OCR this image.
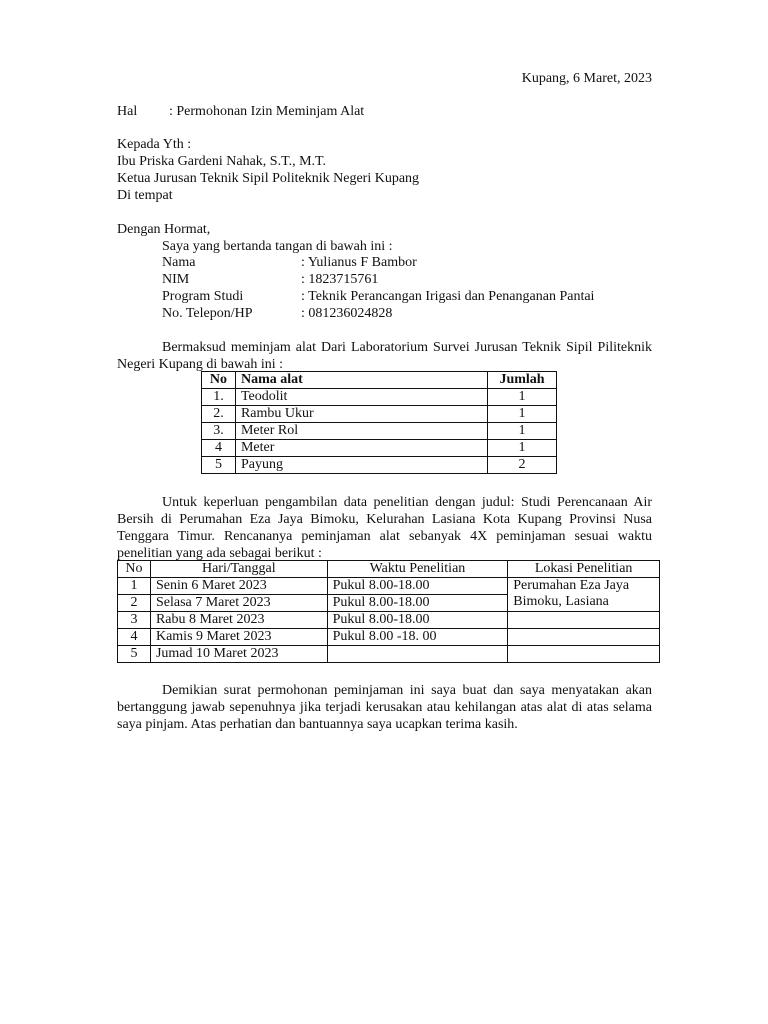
Kupang, 6 Maret, 2023
Hal : Permohonan Izin Meminjam Alat
Kepada Yth :
Ibu Priska Gardeni Nahak, S.T., M.T.
Ketua Jurusan Teknik Sipil Politeknik Negeri Kupang
Di tempat
Dengan Hormat,
Saya yang bertanda tangan di bawah ini :
Nama	: Yulianus F Bambor
NIM	: 1823715761
Program Studi	: Teknik Perancangan Irigasi dan Penanganan Pantai
No. Telepon/HP	: 081236024828
Bermaksud meminjam alat Dari Laboratorium Survei Jurusan Teknik Sipil Piliteknik Negeri Kupang di bawah ini :
No	Nama alat	Jumlah
1.	Teodolit	1
2.	Rambu Ukur	1
3.	Meter Rol	1
4	Meter	1
5	Payung	2
Untuk keperluan pengambilan data penelitian dengan judul: Studi Perencanaan Air Bersih di Perumahan Eza Jaya Bimoku, Kelurahan Lasiana Kota Kupang Provinsi Nusa Tenggara Timur. Rencananya peminjaman alat sebanyak 4X peminjaman sesuai waktu penelitian yang ada sebagai berikut :
No	Hari/Tanggal	Waktu Penelitian	Lokasi Penelitian
1	Senin 6 Maret 2023	Pukul 8.00-18.00	Perumahan Eza Jaya
Bimoku, Lasiana

2	Selasa 7 Maret 2023	Pukul 8.00-18.00	
3	Rabu 8 Maret 2023	Pukul 8.00-18.00	
4	Kamis 9 Maret 2023	Pukul 8.00 -18. 00	
5	Jumad 10 Maret 2023		
Demikian surat permohonan peminjaman ini saya buat dan saya menyatakan akan bertanggung jawab sepenuhnya jika terjadi kerusakan atau kehilangan atas alat di atas selama saya pinjam. Atas perhatian dan bantuannya saya ucapkan terima kasih.
